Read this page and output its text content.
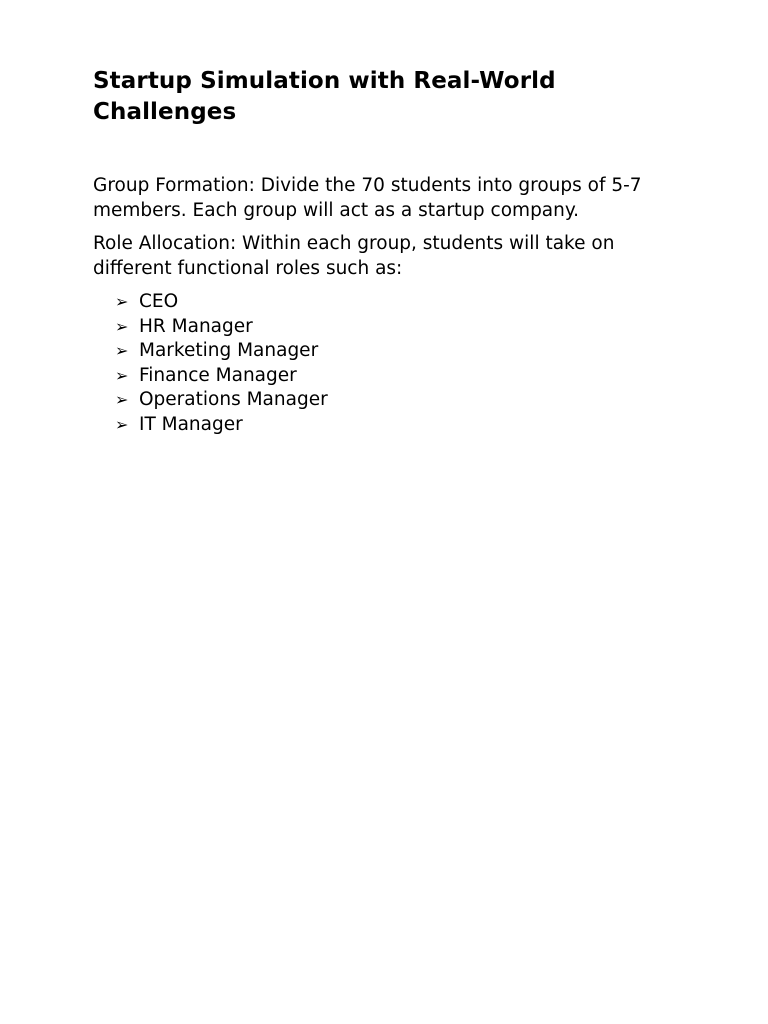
Startup Simulation with Real-World Challenges

Group Formation: Divide the 70 students into groups of 5-7 members. Each group will act as a startup company.

Role Allocation: Within each group, students will take on different functional roles such as:

➢ CEO
➢ HR Manager
➢ Marketing Manager
➢ Finance Manager
➢ Operations Manager
➢ IT Manager
